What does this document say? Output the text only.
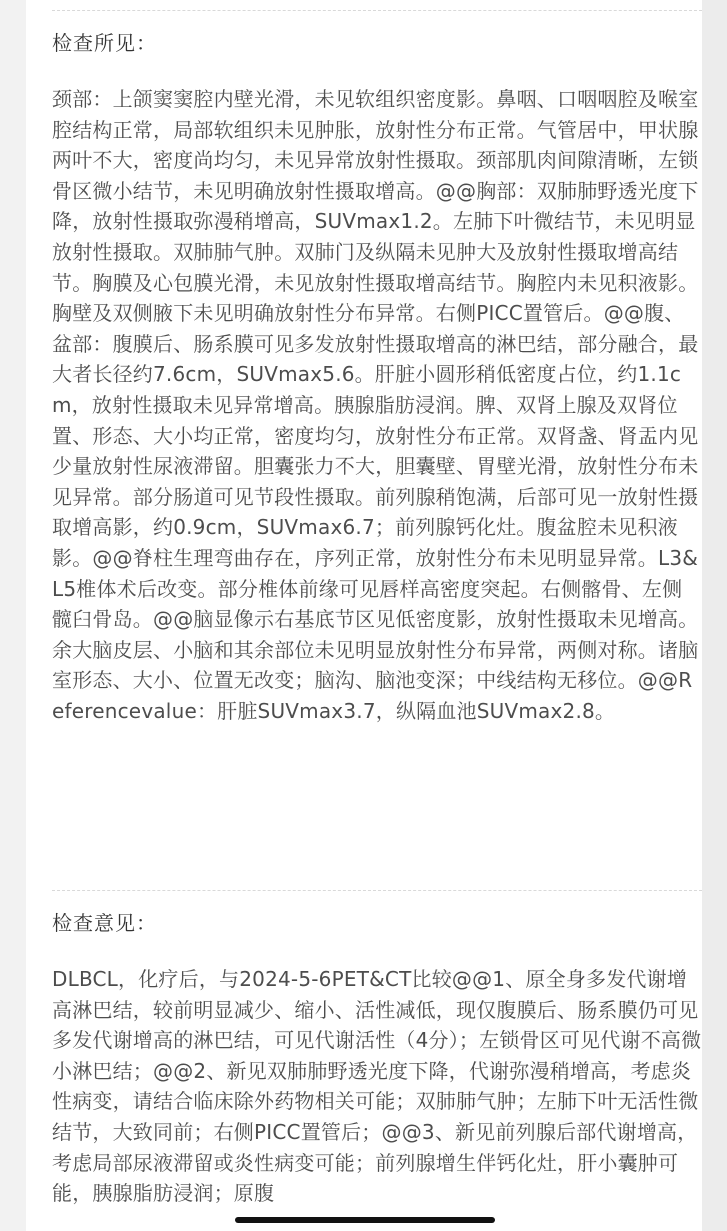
检查所见：
颈部：上颌窦窦腔内壁光滑，未见软组织密度影。鼻咽、口咽咽腔及喉室腔结构正常，局部软组织未见肿胀，放射性分布正常。气管居中，甲状腺两叶不大，密度尚均匀，未见异常放射性摄取。颈部肌肉间隙清晰，左锁骨区微小结节，未见明确放射性摄取增高。@@胸部：双肺肺野透光度下降，放射性摄取弥漫稍增高，SUVmax1.2。左肺下叶微结节，未见明显放射性摄取。双肺肺气肿。双肺门及纵隔未见肿大及放射性摄取增高结节。胸膜及心包膜光滑，未见放射性摄取增高结节。胸腔内未见积液影。胸壁及双侧腋下未见明确放射性分布异常。右侧PICC置管后。@@腹、盆部：腹膜后、肠系膜可见多发放射性摄取增高的淋巴结，部分融合，最大者长径约7.6cm，SUVmax5.6。肝脏小圆形稍低密度占位，约1.1cm，放射性摄取未见异常增高。胰腺脂肪浸润。脾、双肾上腺及双肾位置、形态、大小均正常，密度均匀，放射性分布正常。双肾盏、肾盂内见少量放射性尿液滞留。胆囊张力不大，胆囊壁、胃壁光滑，放射性分布未见异常。部分肠道可见节段性摄取。前列腺稍饱满，后部可见一放射性摄取增高影，约0.9cm，SUVmax6.7；前列腺钙化灶。腹盆腔未见积液影。@@脊柱生理弯曲存在，序列正常，放射性分布未见明显异常。L3&L5椎体术后改变。部分椎体前缘可见唇样高密度突起。右侧髂骨、左侧髋臼骨岛。@@脑显像示右基底节区见低密度影，放射性摄取未见增高。余大脑皮层、小脑和其余部位未见明显放射性分布异常，两侧对称。诸脑室形态、大小、位置无改变；脑沟、脑池变深；中线结构无移位。@@Referencevalue：肝脏SUVmax3.7，纵隔血池SUVmax2.8。
检查意见：
DLBCL，化疗后，与2024-5-6PET&CT比较@@1、原全身多发代谢增高淋巴结，较前明显减少、缩小、活性减低，现仅腹膜后、肠系膜仍可见多发代谢增高的淋巴结，可见代谢活性（4分）；左锁骨区可见代谢不高微小淋巴结；@@2、新见双肺肺野透光度下降，代谢弥漫稍增高，考虑炎性病变，请结合临床除外药物相关可能；双肺肺气肿；左肺下叶无活性微结节，大致同前；右侧PICC置管后；@@3、新见前列腺后部代谢增高，考虑局部尿液滞留或炎性病变可能；前列腺增生伴钙化灶，肝小囊肿可能，胰腺脂肪浸润；原腹 考虑局部尿液滞留或炎性病变可能
